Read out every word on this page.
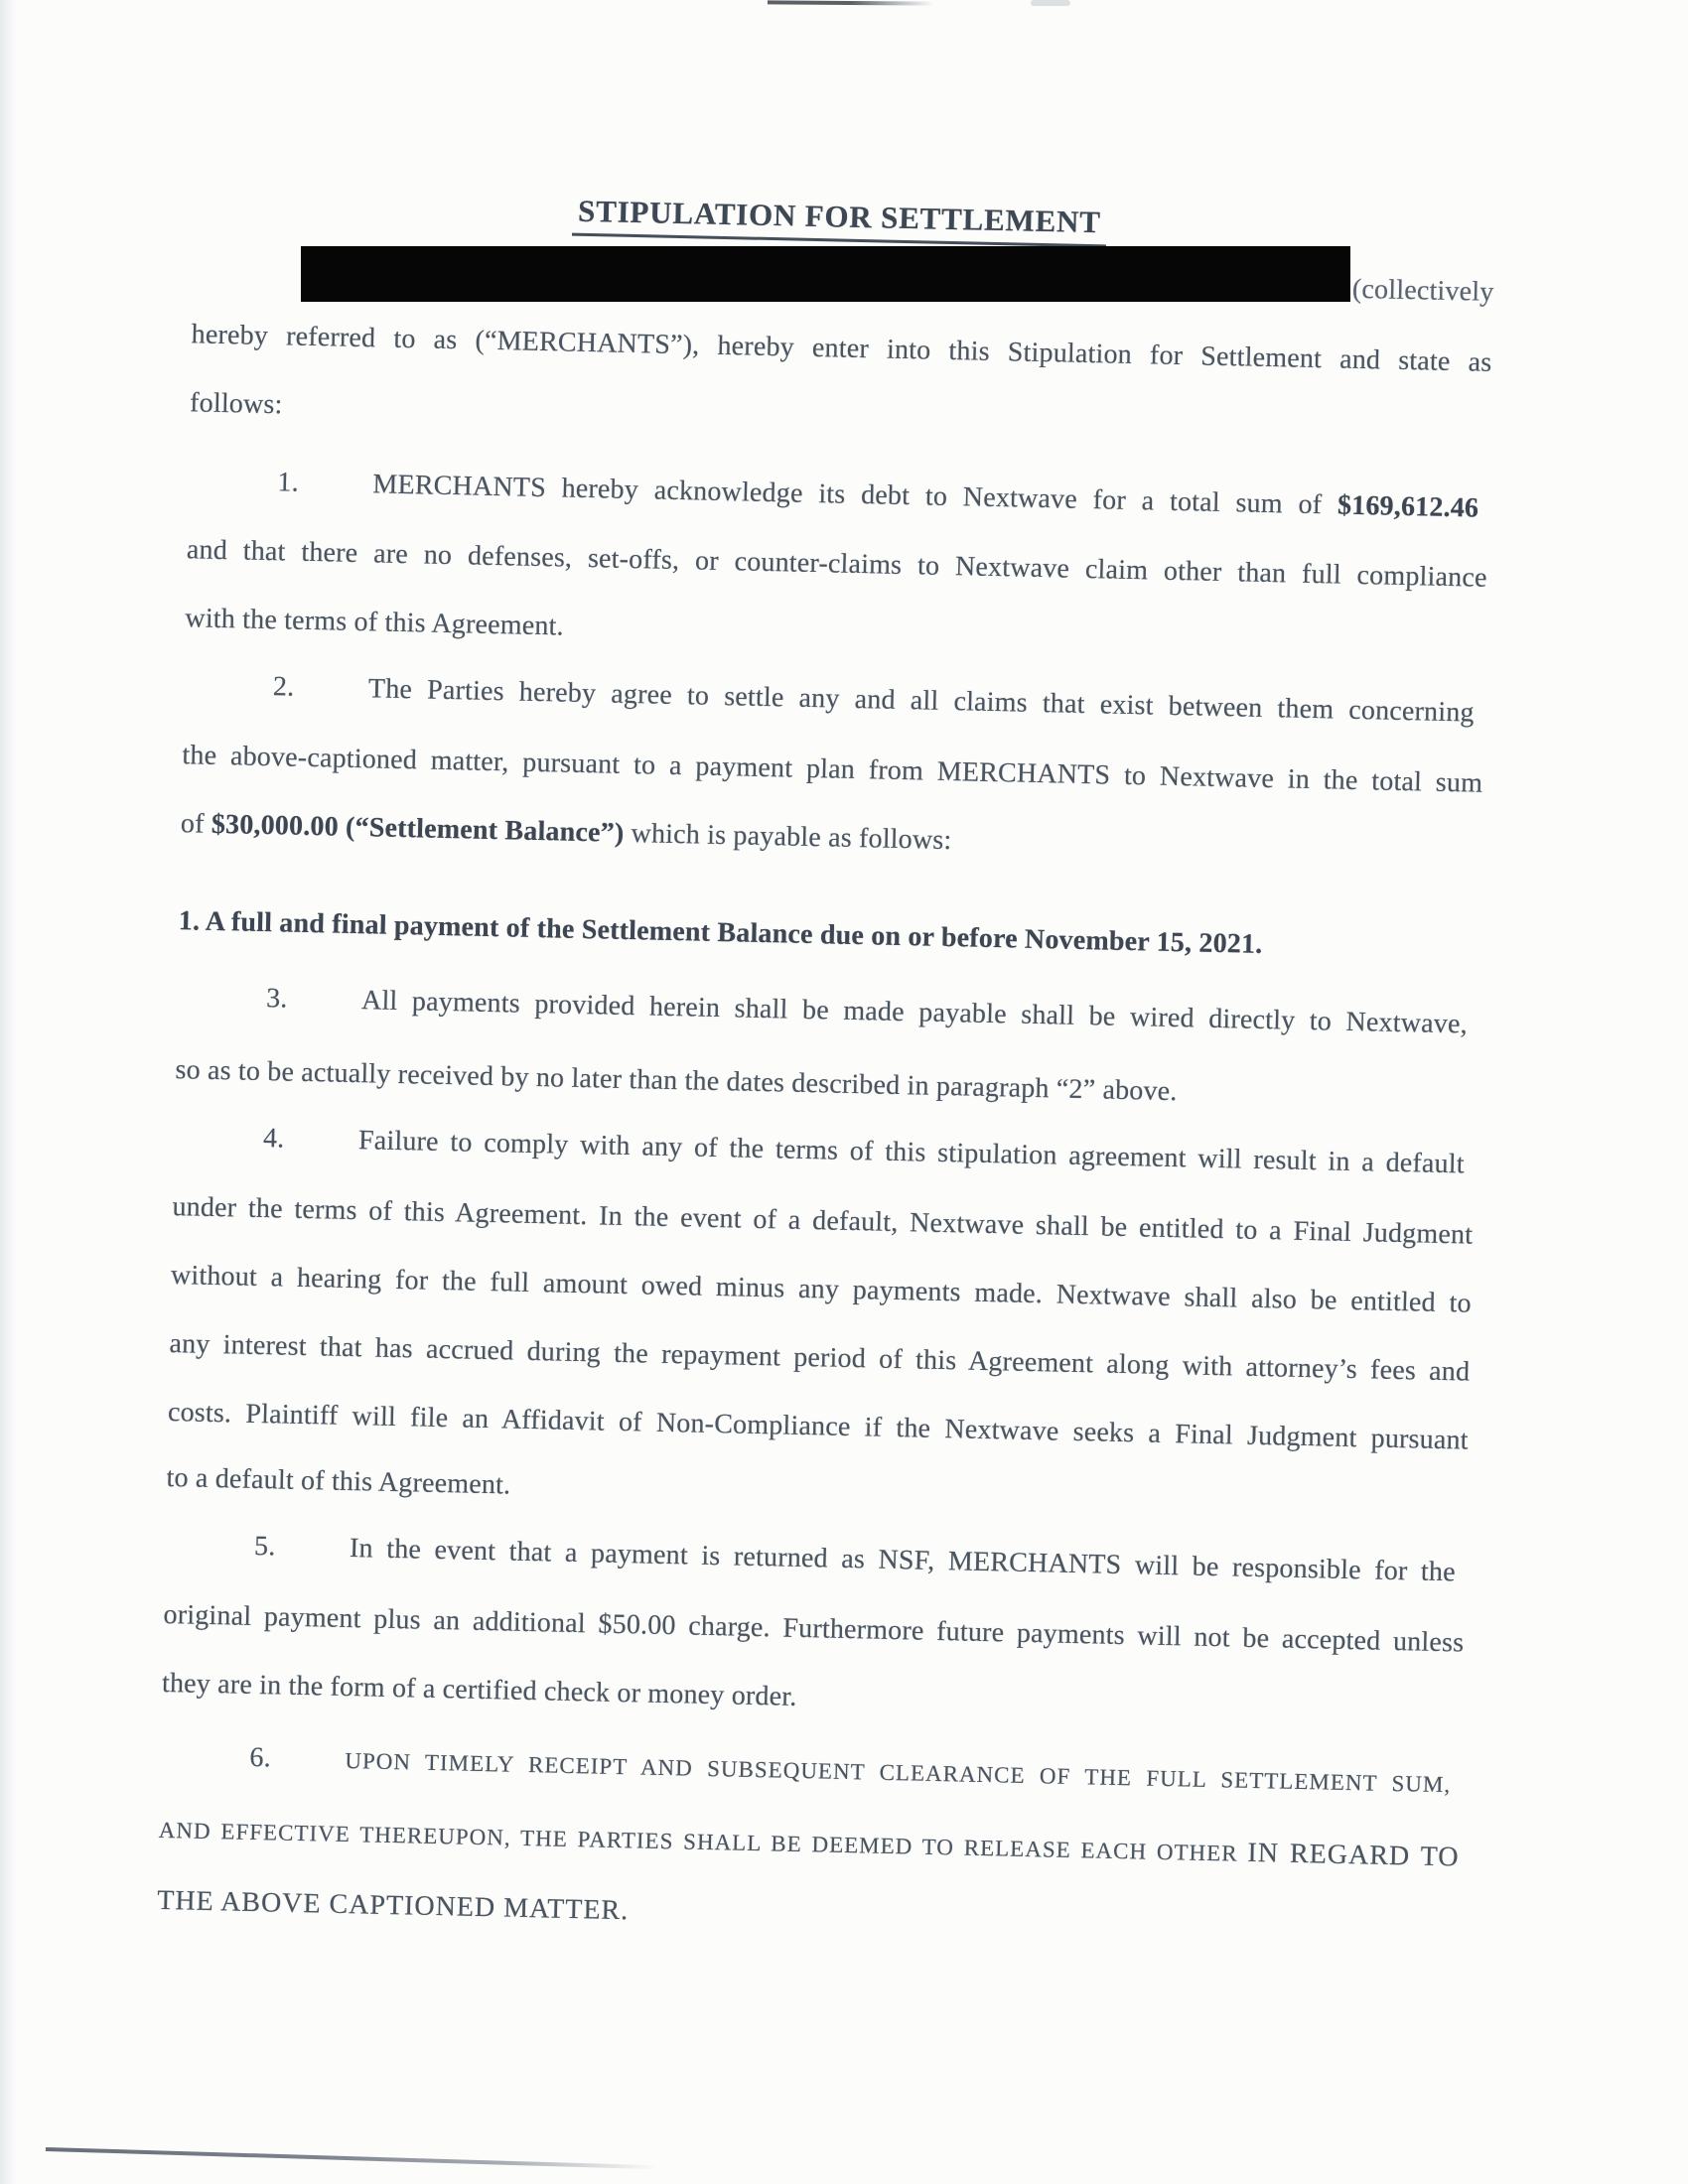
STIPULATION FOR SETTLEMENT
(collectively
hereby referred to as (“MERCHANTS”), hereby enter into this Stipulation for Settlement and state as
follows:
1.	MERCHANTS hereby acknowledge its debt to Nextwave for a total sum of $169,612.46
and that there are no defenses, set-offs, or counter-claims to Nextwave claim other than full compliance
with the terms of this Agreement.
2.	The Parties hereby agree to settle any and all claims that exist between them concerning
the above-captioned matter, pursuant to a payment plan from MERCHANTS to Nextwave in the total sum
of $30,000.00 (“Settlement Balance”) which is payable as follows:
1. A full and final payment of the Settlement Balance due on or before November 15, 2021.
3.	All payments provided herein shall be made payable shall be wired directly to Nextwave,
so as to be actually received by no later than the dates described in paragraph “2” above.
4.	Failure to comply with any of the terms of this stipulation agreement will result in a default
under the terms of this Agreement. In the event of a default, Nextwave shall be entitled to a Final Judgment
without a hearing for the full amount owed minus any payments made. Nextwave shall also be entitled to
any interest that has accrued during the repayment period of this Agreement along with attorney’s fees and
costs. Plaintiff will file an Affidavit of Non-Compliance if the Nextwave seeks a Final Judgment pursuant
to a default of this Agreement.
5.	In the event that a payment is returned as NSF, MERCHANTS will be responsible for the
original payment plus an additional $50.00 charge. Furthermore future payments will not be accepted unless
they are in the form of a certified check or money order.
6.	UPON TIMELY RECEIPT AND SUBSEQUENT CLEARANCE OF THE FULL SETTLEMENT SUM,
AND EFFECTIVE THEREUPON, THE PARTIES SHALL BE DEEMED TO RELEASE EACH OTHER IN REGARD TO
THE ABOVE CAPTIONED MATTER.
